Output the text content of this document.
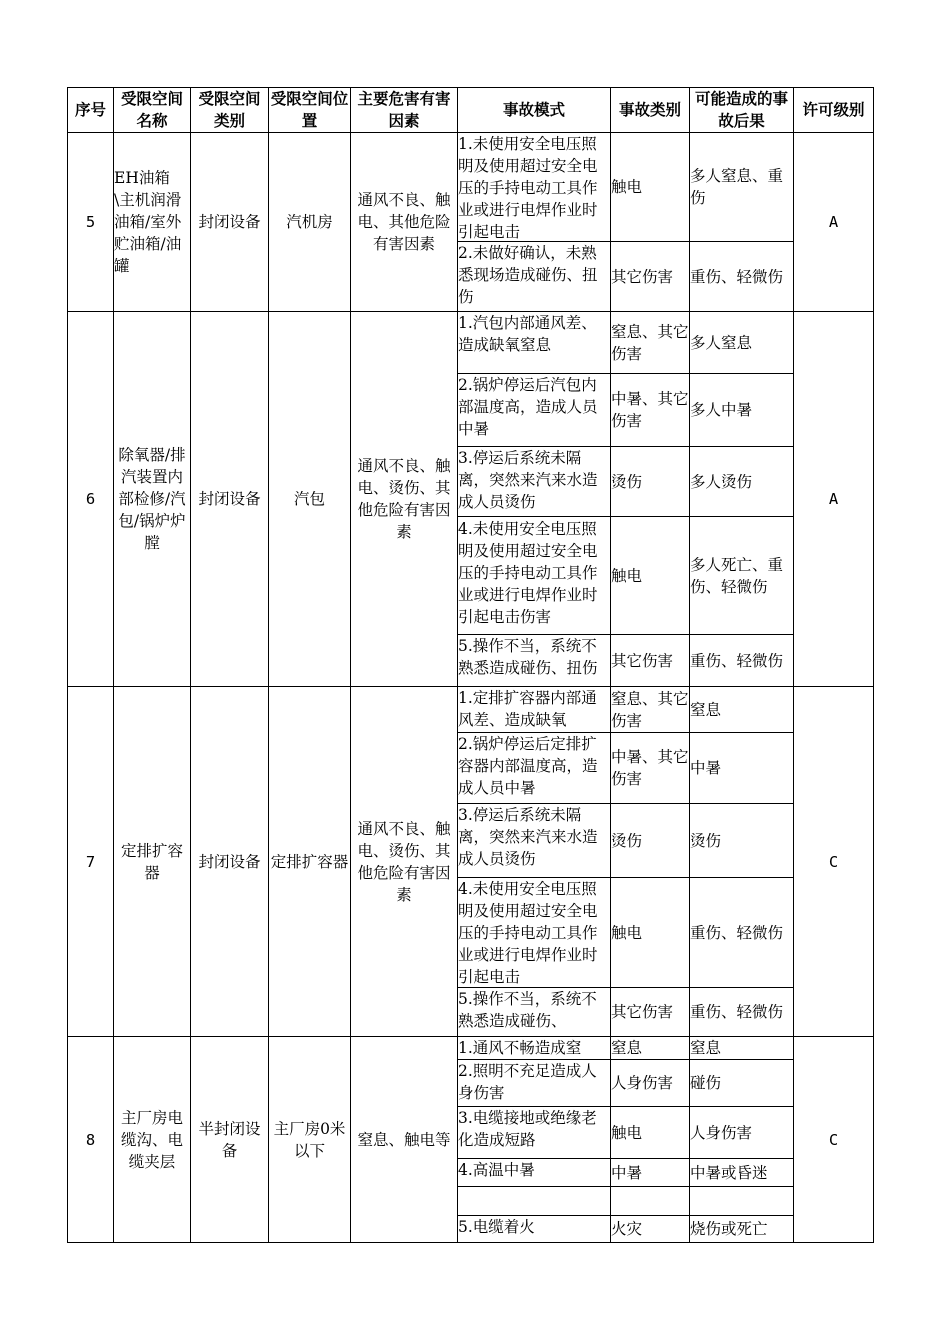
序号	受限空间名称	受限空间类别	受限空间位置	主要危害有害因素	事故模式	事故类别	可能造成的事故后果	许可级别
5	EH油箱\主机润滑油箱/室外贮油箱/油罐	封闭设备	汽机房	通风不良、触电、其他危险有害因素	1.未使用安全电压照明及使用超过安全电压的手持电动工具作业或进行电焊作业时引起电击	触电	多人窒息、重伤	A

					2.未做好确认，未熟悉现场造成碰伤、扭伤	其它伤害	重伤、轻微伤	
6	除氧器/排汽装置内部检修/汽包/锅炉炉膛	封闭设备	汽包	通风不良、触电、烫伤、其他危险有害因素	1.汽包内部通风差、造成缺氧窒息	窒息、其它伤害	多人窒息	A

					2.锅炉停运后汽包内部温度高，造成人员中暑	中暑、其它伤害	多人中暑	

					3.停运后系统未隔离，突然来汽来水造成人员烫伤	烫伤	多人烫伤	

					4.未使用安全电压照明及使用超过安全电压的手持电动工具作业或进行电焊作业时引起电击伤害	触电	多人死亡、重伤、轻微伤	

					5.操作不当，系统不熟悉造成碰伤、扭伤	其它伤害	重伤、轻微伤	
7	定排扩容器	封闭设备	定排扩容器	通风不良、触电、烫伤、其他危险有害因素	1.定排扩容器内部通风差、造成缺氧	窒息、其它伤害	窒息	C

					2.锅炉停运后定排扩容器内部温度高，造成人员中暑	中暑、其它伤害	中暑	

					3.停运后系统未隔离，突然来汽来水造成人员烫伤	烫伤	烫伤	

					4.未使用安全电压照明及使用超过安全电压的手持电动工具作业或进行电焊作业时引起电击	触电	重伤、轻微伤	

					5.操作不当，系统不熟悉造成碰伤、	其它伤害	重伤、轻微伤	
8	主厂房电缆沟、电缆夹层	半封闭设备	主厂房0米以下	窒息、触电等	1.通风不畅造成窒	窒息	窒息	C

					2.照明不充足造成人身伤害	人身伤害	碰伤	

					3.电缆接地或绝缘老化造成短路	触电	人身伤害	

					4.高温中暑	中暑	中暑或昏迷	

					5.电缆着火	火灾	烧伤或死亡	
